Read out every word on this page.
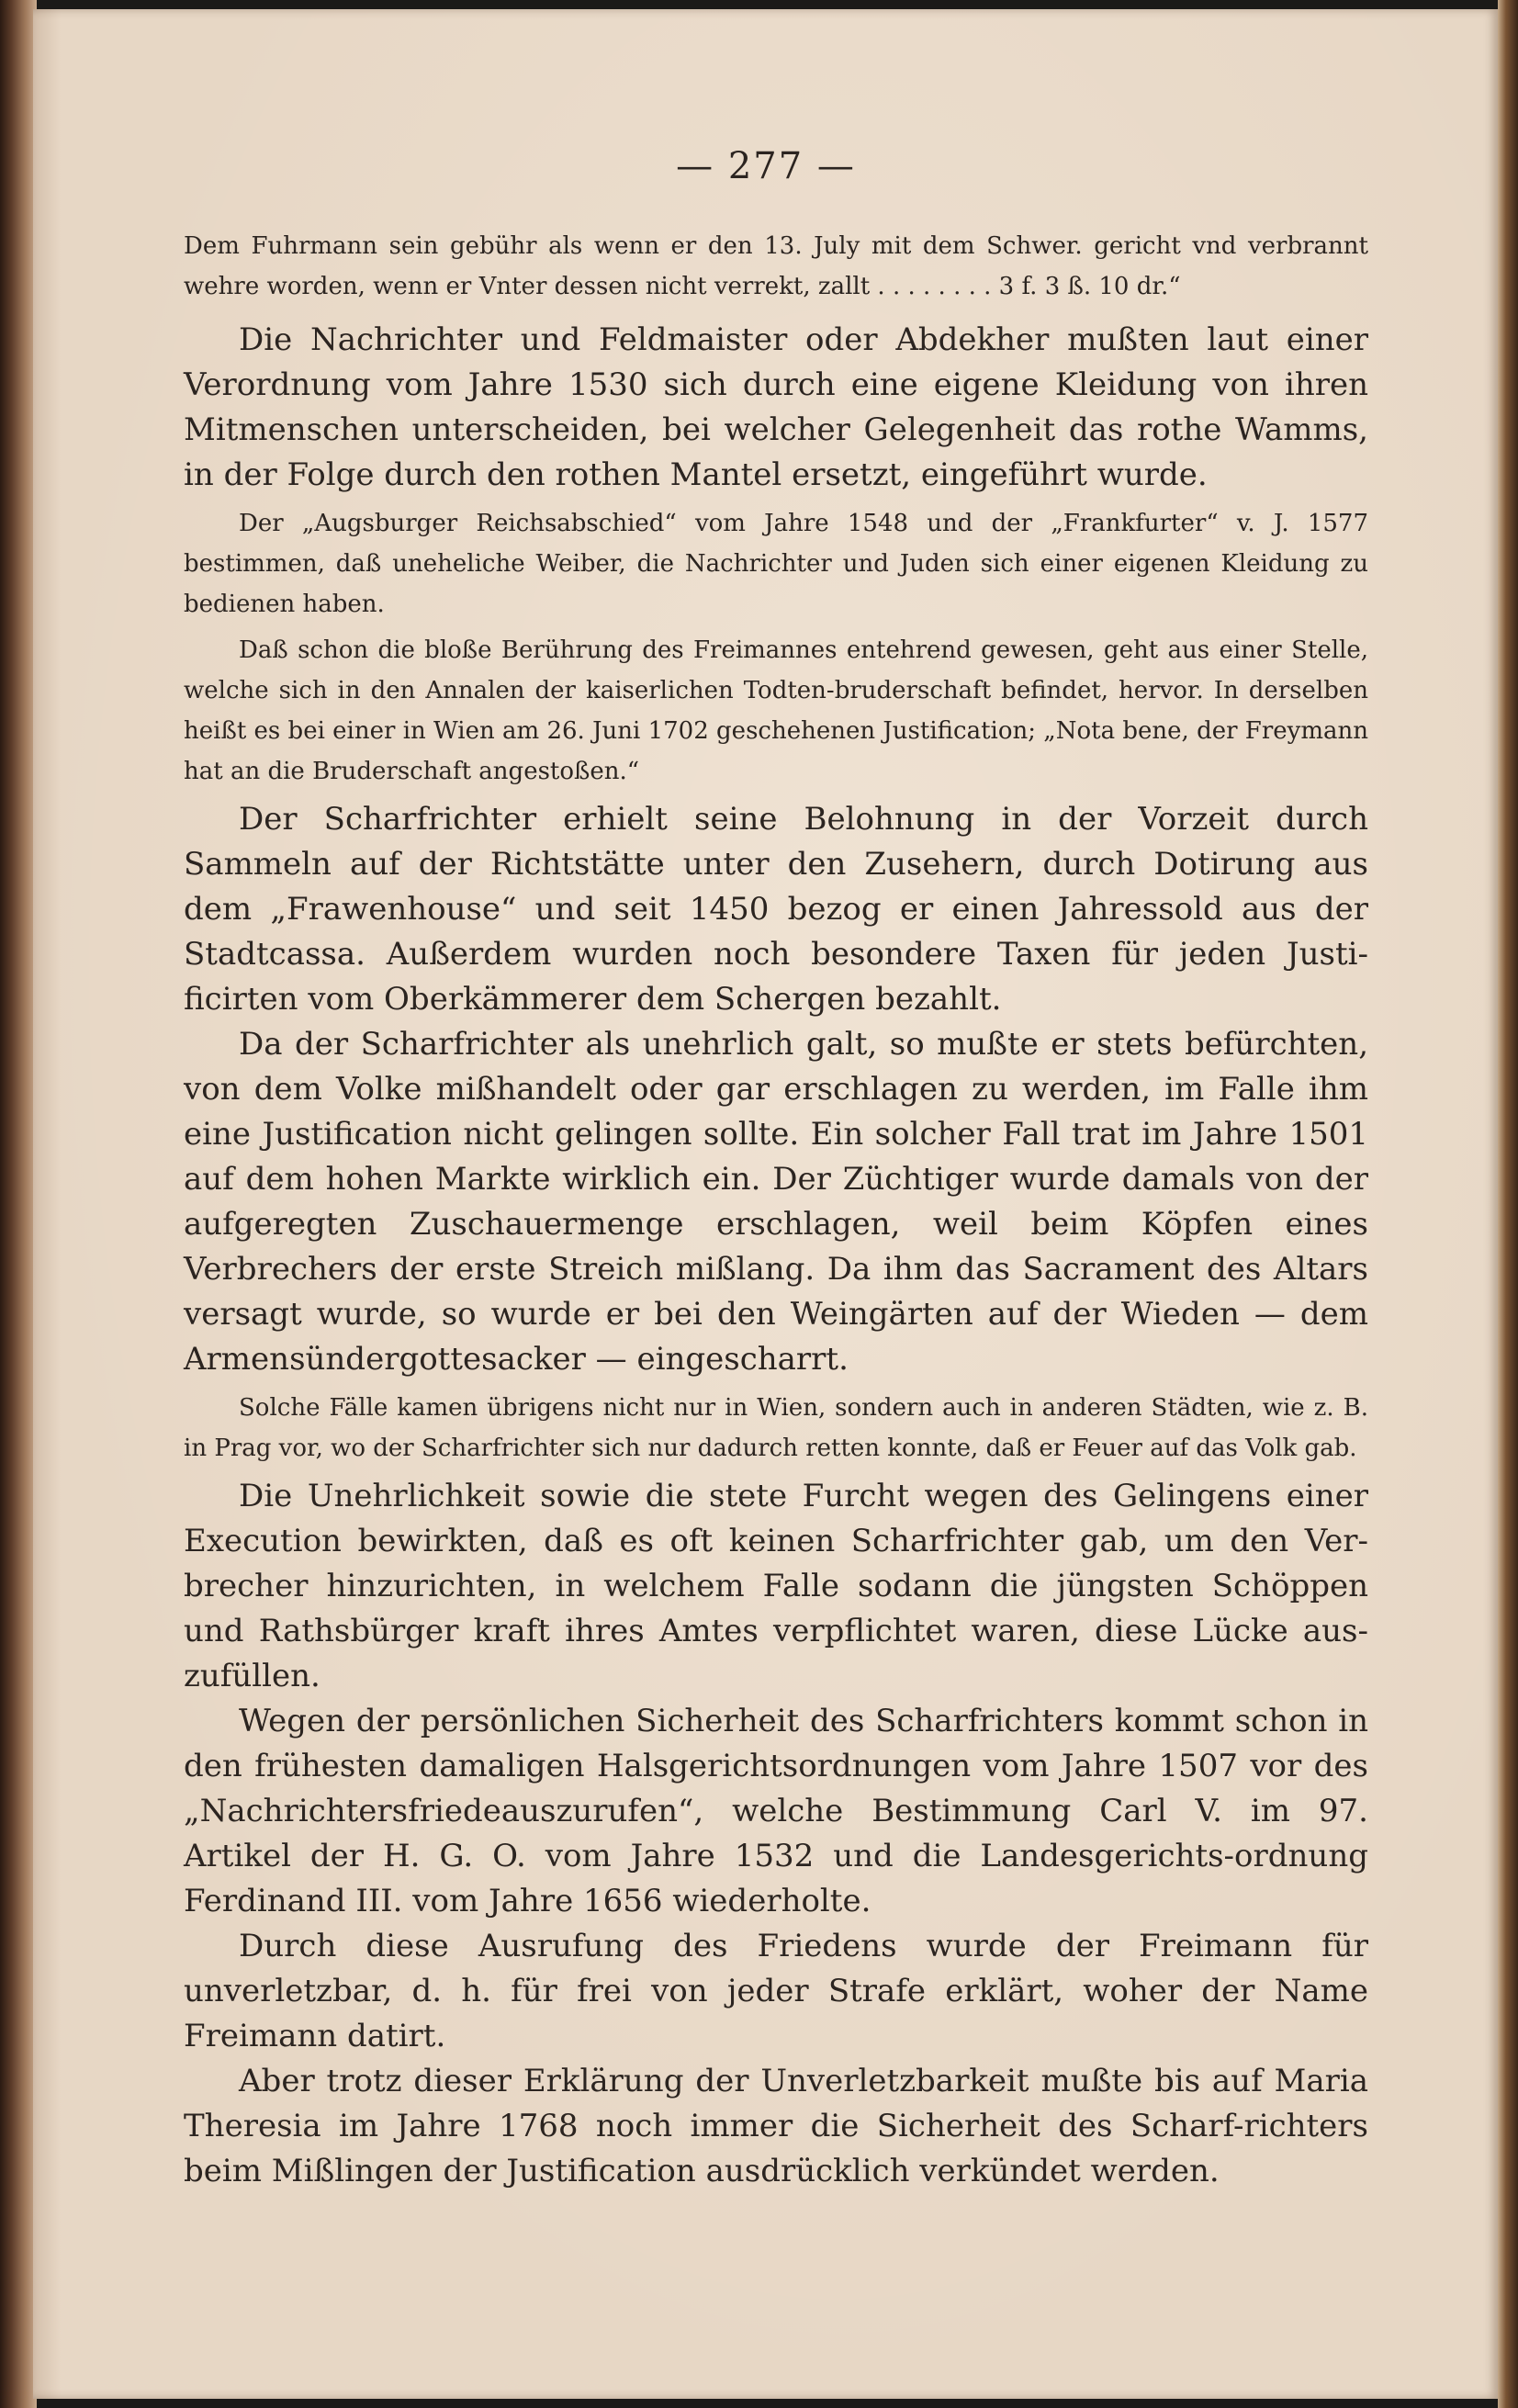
— 277 —

Dem Fuhrmann sein gebühr als wenn er den 13. July mit dem Schwer. gericht vnd verbrannt wehre worden, wenn er Vnter dessen nicht verrekt, zallt . . . . . . . . 3 f. 3 ß. 10 dr.“

Die Nachrichter und Feldmaister oder Abdekher mußten laut einer Verordnung vom Jahre 1530 sich durch eine eigene Kleidung von ihren Mitmenschen unterscheiden, bei welcher Gelegenheit das rothe Wamms, in der Folge durch den rothen Mantel ersetzt, eingeführt wurde.

Der „Augsburger Reichsabschied“ vom Jahre 1548 und der „Frankfurter“ v. J. 1577 bestimmen, daß uneheliche Weiber, die Nachrichter und Juden sich einer eigenen Kleidung zu bedienen haben.

Daß schon die bloße Berührung des Freimannes entehrend gewesen, geht aus einer Stelle, welche sich in den Annalen der kaiserlichen Todten-bruderschaft befindet, hervor. In derselben heißt es bei einer in Wien am 26. Juni 1702 geschehenen Justification; „Nota bene, der Freymann hat an die Bruderschaft angestoßen.“

Der Scharfrichter erhielt seine Belohnung in der Vorzeit durch Sammeln auf der Richtstätte unter den Zusehern, durch Dotirung aus dem „Frawenhouse“ und seit 1450 bezog er einen Jahressold aus der Stadtcassa. Außerdem wurden noch besondere Taxen für jeden Justi-ficirten vom Oberkämmerer dem Schergen bezahlt.

Da der Scharfrichter als unehrlich galt, so mußte er stets befürchten, von dem Volke mißhandelt oder gar erschlagen zu werden, im Falle ihm eine Justification nicht gelingen sollte. Ein solcher Fall trat im Jahre 1501 auf dem hohen Markte wirklich ein. Der Züchtiger wurde damals von der aufgeregten Zuschauermenge erschlagen, weil beim Köpfen eines Verbrechers der erste Streich mißlang. Da ihm das Sacrament des Altars versagt wurde, so wurde er bei den Weingärten auf der Wieden — dem Armensündergottesacker — eingescharrt.

Solche Fälle kamen übrigens nicht nur in Wien, sondern auch in anderen Städten, wie z. B. in Prag vor, wo der Scharfrichter sich nur dadurch retten konnte, daß er Feuer auf das Volk gab.

Die Unehrlichkeit sowie die stete Furcht wegen des Gelingens einer Execution bewirkten, daß es oft keinen Scharfrichter gab, um den Ver-brecher hinzurichten, in welchem Falle sodann die jüngsten Schöppen und Rathsbürger kraft ihres Amtes verpflichtet waren, diese Lücke aus-zufüllen.

Wegen der persönlichen Sicherheit des Scharfrichters kommt schon in den frühesten damaligen Halsgerichtsordnungen vom Jahre 1507 vor des „Nachrichtersfriedeauszurufen“, welche Bestimmung Carl V. im 97. Artikel der H. G. O. vom Jahre 1532 und die Landesgerichts-ordnung Ferdinand III. vom Jahre 1656 wiederholte.

Durch diese Ausrufung des Friedens wurde der Freimann für unverletzbar, d. h. für frei von jeder Strafe erklärt, woher der Name Freimann datirt.

Aber trotz dieser Erklärung der Unverletzbarkeit mußte bis auf Maria Theresia im Jahre 1768 noch immer die Sicherheit des Scharf-richters beim Mißlingen der Justification ausdrücklich verkündet werden.
